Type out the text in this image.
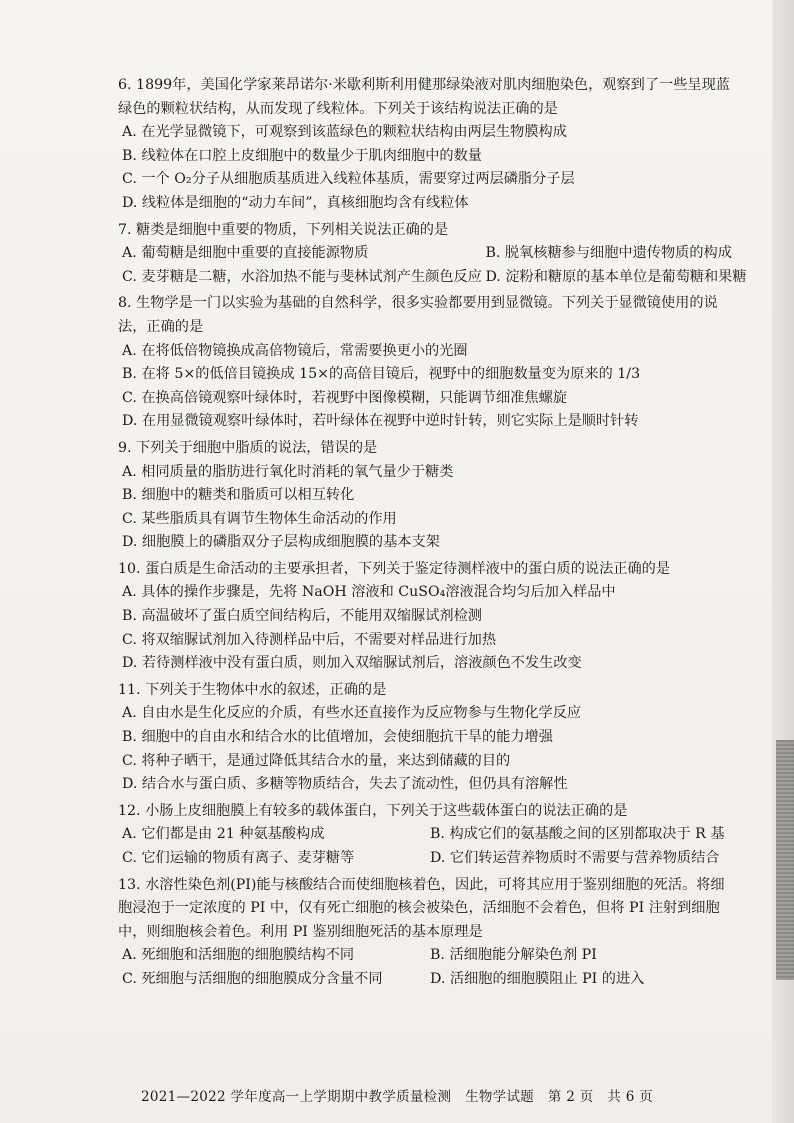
6. 1899年，美国化学家莱昂诺尔·米歇利斯利用健那绿染液对肌肉细胞染色，观察到了一些呈现蓝绿色的颗粒状结构，从而发现了线粒体。下列关于该结构说法正确的是

A. 在光学显微镜下，可观察到该蓝绿色的颗粒状结构由两层生物膜构成

B. 线粒体在口腔上皮细胞中的数量少于肌肉细胞中的数量

C. 一个 O₂分子从细胞质基质进入线粒体基质，需要穿过两层磷脂分子层

D. 线粒体是细胞的“动力车间”，真核细胞均含有线粒体

7. 糖类是细胞中重要的物质，下列相关说法正确的是

A. 葡萄糖是细胞中重要的直接能源物质	B. 脱氧核糖参与细胞中遗传物质的构成
C. 麦芽糖是二糖，水浴加热不能与斐林试剂产生颜色反应 D. 淀粉和糖原的基本单位是葡萄糖和果糖

8. 生物学是一门以实验为基础的自然科学，很多实验都要用到显微镜。下列关于显微镜使用的说法，正确的是

A. 在将低倍物镜换成高倍物镜后，常需要换更小的光圈

B. 在将 5×的低倍目镜换成 15×的高倍目镜后，视野中的细胞数量变为原来的 1/3

C. 在换高倍镜观察叶绿体时，若视野中图像模糊，只能调节细准焦螺旋

D. 在用显微镜观察叶绿体时，若叶绿体在视野中逆时针转，则它实际上是顺时针转

9. 下列关于细胞中脂质的说法，错误的是

A. 相同质量的脂肪进行氧化时消耗的氧气量少于糖类

B. 细胞中的糖类和脂质可以相互转化

C. 某些脂质具有调节生物体生命活动的作用

D. 细胞膜上的磷脂双分子层构成细胞膜的基本支架

10. 蛋白质是生命活动的主要承担者，下列关于鉴定待测样液中的蛋白质的说法正确的是

A. 具体的操作步骤是，先将 NaOH 溶液和 CuSO₄溶液混合均匀后加入样品中

B. 高温破坏了蛋白质空间结构后，不能用双缩脲试剂检测

C. 将双缩脲试剂加入待测样品中后，不需要对样品进行加热

D. 若待测样液中没有蛋白质，则加入双缩脲试剂后，溶液颜色不发生改变

11. 下列关于生物体中水的叙述，正确的是

A. 自由水是生化反应的介质，有些水还直接作为反应物参与生物化学反应

B. 细胞中的自由水和结合水的比值增加，会使细胞抗干旱的能力增强

C. 将种子晒干，是通过降低其结合水的量，来达到储藏的目的

D. 结合水与蛋白质、多糖等物质结合，失去了流动性，但仍具有溶解性

12. 小肠上皮细胞膜上有较多的载体蛋白，下列关于这些载体蛋白的说法正确的是

A. 它们都是由 21 种氨基酸构成	B. 构成它们的氨基酸之间的区别都取决于 R 基
C. 它们运输的物质有离子、麦芽糖等	D. 它们转运营养物质时不需要与营养物质结合

13. 水溶性染色剂(PI)能与核酸结合而使细胞核着色，因此，可将其应用于鉴别细胞的死活。将细胞浸泡于一定浓度的 PI 中，仅有死亡细胞的核会被染色，活细胞不会着色，但将 PI 注射到细胞中，则细胞核会着色。利用 PI 鉴别细胞死活的基本原理是

A. 死细胞和活细胞的细胞膜结构不同	B. 活细胞能分解染色剂 PI
C. 死细胞与活细胞的细胞膜成分含量不同	D. 活细胞的细胞膜阻止 PI 的进入
2021—2022 学年度高一上学期期中教学质量检测　生物学试题　第 2 页　共 6 页
